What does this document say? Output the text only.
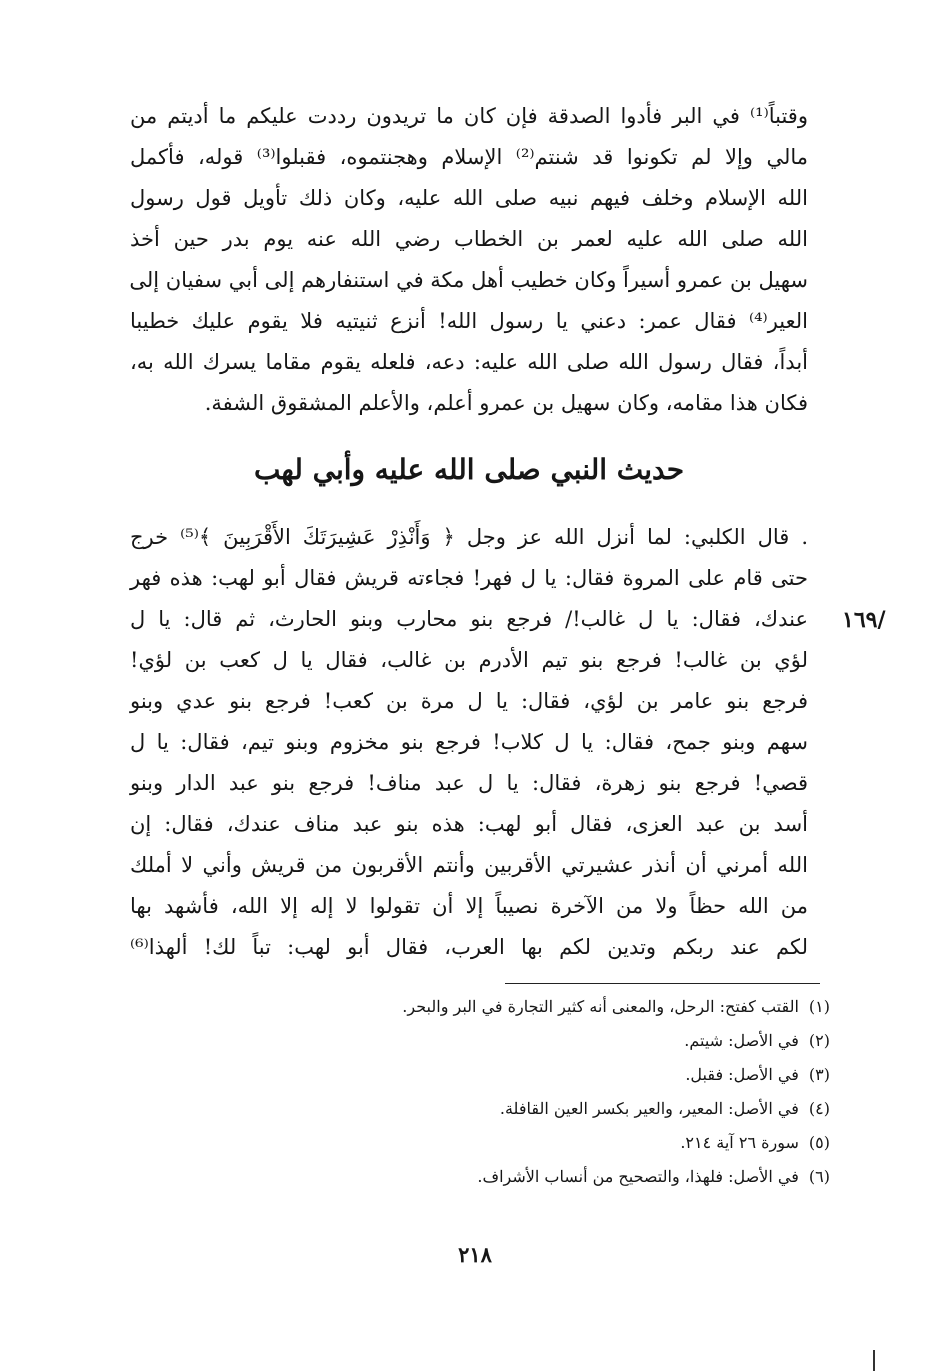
وقتباً⁽¹⁾ في البر فأدوا الصدقة فإن كان ما تريدون رددت عليكم ما أديتم من
مالي وإلا لم تكونوا قد شنتم⁽²⁾ الإسلام وهجنتموه، فقبلوا⁽³⁾ قوله، فأكمل
الله الإسلام وخلف فيهم نبيه صلى الله عليه، وكان ذلك تأويل قول رسول
الله صلى الله عليه لعمر بن الخطاب رضي الله عنه يوم بدر حين أخذ
سهيل بن عمرو أسيراً وكان خطيب أهل مكة في استنفارهم إلى أبي سفيان إلى
العير⁽⁴⁾ فقال عمر: دعني يا رسول الله! أنزع ثنيتيه فلا يقوم عليك خطيبا
أبداً، فقال رسول الله صلى الله عليه: دعه، فلعله يقوم مقاما يسرك الله به،
فكان هذا مقامه، وكان سهيل بن عمرو أعلم، والأعلم المشقوق الشفة.
حديث النبي صلى الله عليه وأبي لهب
. قال الكلبي: لما أنزل الله عز وجل ﴿ وَأَنْذِرْ عَشِيرَتَكَ الأَقْرَبِينَ ﴾⁽⁵⁾ خرج
حتى قام على المروة فقال: يا ل فهر! فجاءته قريش فقال أبو لهب: هذه فهر
عندك، فقال: يا ل غالب!/ فرجع بنو محارب وبنو الحارث، ثم قال: يا ل
لؤي بن غالب! فرجع بنو تيم الأدرم بن غالب، فقال يا ل كعب بن لؤي!
فرجع بنو عامر بن لؤي، فقال: يا ل مرة بن كعب! فرجع بنو عدي وبنو
سهم وبنو جمح، فقال: يا ل كلاب! فرجع بنو مخزوم وبنو تيم، فقال: يا ل
قصي! فرجع بنو زهرة، فقال: يا ل عبد مناف! فرجع بنو عبد الدار وبنو
أسد بن عبد العزى، فقال أبو لهب: هذه بنو عبد مناف عندك، فقال: إن
الله أمرني أن أنذر عشيرتي الأقربين وأنتم الأقربون من قريش وأني لا أملك
من الله حظاً ولا من الآخرة نصيباً إلا أن تقولوا لا إله إلا الله، فأشهد بها
لكم عند ربكم وتدين لكم بها العرب، فقال أبو لهب: تباً لك! ألهذا⁽⁶⁾
/١٦٩
(١)القتب كفتح: الرحل، والمعنى أنه كثير التجارة في البر والبحر.
(٢)في الأصل: شيتم.
(٣)في الأصل: فقبل.
(٤)في الأصل: المعير، والعير بكسر العين القافلة.
(٥)سورة ٢٦ آية ٢١٤.
(٦)في الأصل: فلهذا، والتصحيح من أنساب الأشراف.
٢١٨
